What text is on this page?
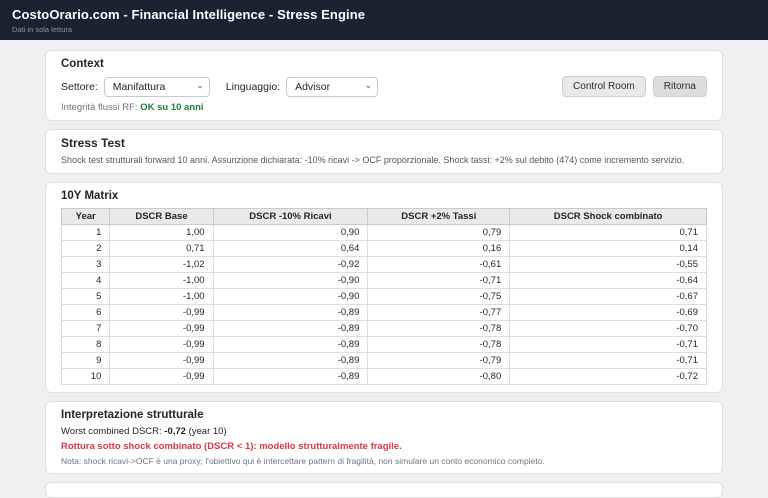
CostoOrario.com - Financial Intelligence - Stress Engine
Dati in sola lettura
Context
Settore:
Manifattura	⌄ Linguaggio:
Advisor	⌄	Control Room	Ritorna
Integrità flussi RF: OK su 10 anni
Stress Test
Shock test strutturali forward 10 anni. Assunzione dichiarata: -10% ricavi -> OCF proporzionale. Shock tassi: +2% sul debito (474) come incremento servizio.
10Y Matrix
Year	DSCR Base	DSCR -10% Ricavi	DSCR +2% Tassi	DSCR Shock combinato
1	1,00	0,90	0,79	0,71
2	0,71	0,64	0,16	0,14
3	-1,02	-0,92	-0,61	-0,55
4	-1,00	-0,90	-0,71	-0,64
5	-1,00	-0,90	-0,75	-0,67
6	-0,99	-0,89	-0,77	-0,69
7	-0,99	-0,89	-0,78	-0,70
8	-0,99	-0,89	-0,78	-0,71
9	-0,99	-0,89	-0,79	-0,71
10	-0,99	-0,89	-0,80	-0,72
Interpretazione strutturale
Worst combined DSCR: -0,72 (year 10)
Rottura sotto shock combinato (DSCR < 1): modello strutturalmente fragile.
Nota: shock ricavi->OCF è una proxy; l'obiettivo qui è intercettare pattern di fragilità, non simulare un conto economico completo.
